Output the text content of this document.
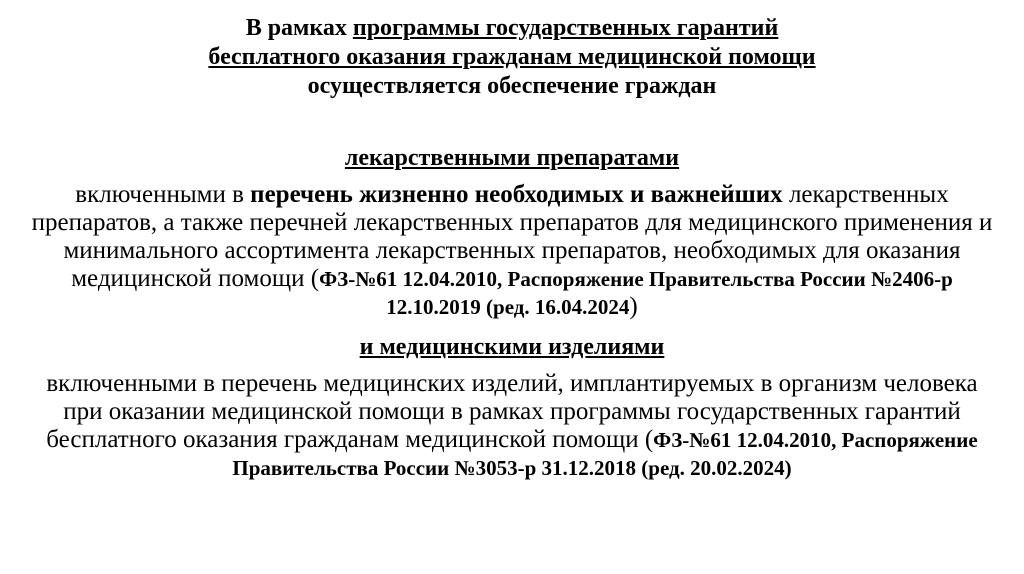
В рамках программы государственных гарантий
бесплатного оказания гражданам медицинской помощи
осуществляется обеспечение граждан
лекарственными препаратами

включенными в перечень жизненно необходимых и важнейших лекарственных препаратов, а также перечней лекарственных препаратов для медицинского применения и минимального ассортимента лекарственных препаратов, необходимых для оказания медицинской помощи (ФЗ-№61 12.04.2010, Распоряжение Правительства России №2406-р 12.10.2019 (ред. 16.04.2024)

и медицинскими изделиями

включенными в перечень медицинских изделий, имплантируемых в организм человека при оказании медицинской помощи в рамках программы государственных гарантий бесплатного оказания гражданам медицинской помощи (ФЗ-№61 12.04.2010, Распоряжение Правительства России №3053-р 31.12.2018 (ред. 20.02.2024)
